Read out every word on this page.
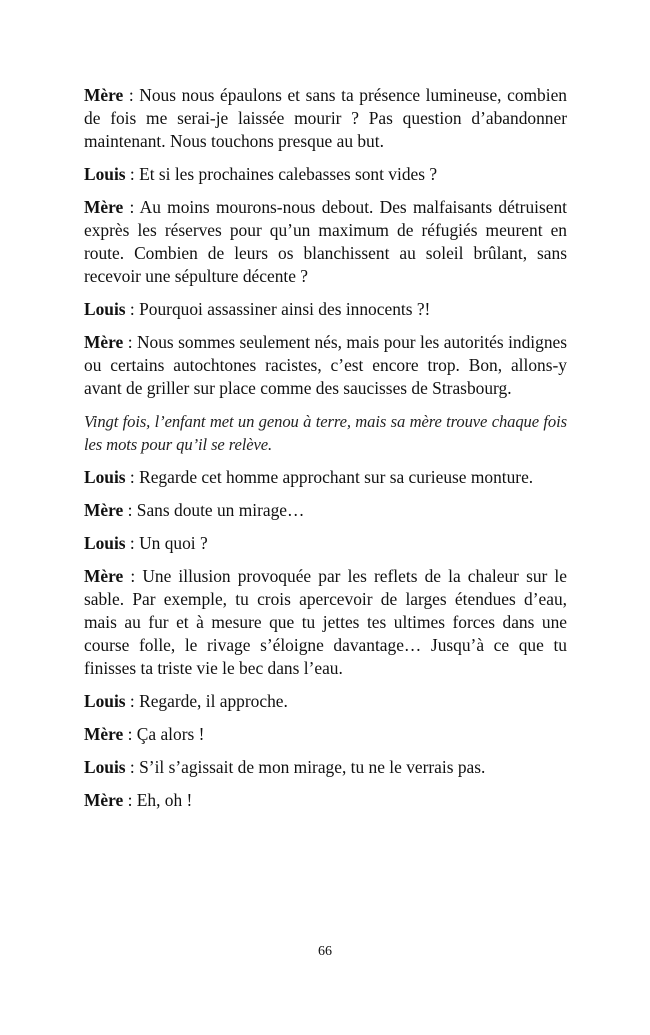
Mère : Nous nous épaulons et sans ta présence lumineuse, combien de fois me serai-je laissée mourir ? Pas question d’abandonner maintenant. Nous touchons presque au but.

Louis : Et si les prochaines calebasses sont vides ?

Mère : Au moins mourons-nous debout. Des malfaisants détruisent exprès les réserves pour qu’un maximum de réfugiés meurent en route. Combien de leurs os blanchissent au soleil brûlant, sans recevoir une sépulture décente ?

Louis : Pourquoi assassiner ainsi des innocents ?!

Mère : Nous sommes seulement nés, mais pour les autorités indignes ou certains autochtones racistes, c’est encore trop. Bon, allons-y avant de griller sur place comme des saucisses de Strasbourg.

Vingt fois, l’enfant met un genou à terre, mais sa mère trouve chaque fois les mots pour qu’il se relève.

Louis : Regarde cet homme approchant sur sa curieuse monture.

Mère : Sans doute un mirage…

Louis : Un quoi ?

Mère : Une illusion provoquée par les reflets de la chaleur sur le sable. Par exemple, tu crois apercevoir de larges étendues d’eau, mais au fur et à mesure que tu jettes tes ultimes forces dans une course folle, le rivage s’éloigne davantage… Jusqu’à ce que tu finisses ta triste vie le bec dans l’eau.

Louis : Regarde, il approche.

Mère : Ça alors !

Louis : S’il s’agissait de mon mirage, tu ne le verrais pas.

Mère : Eh, oh !

66
